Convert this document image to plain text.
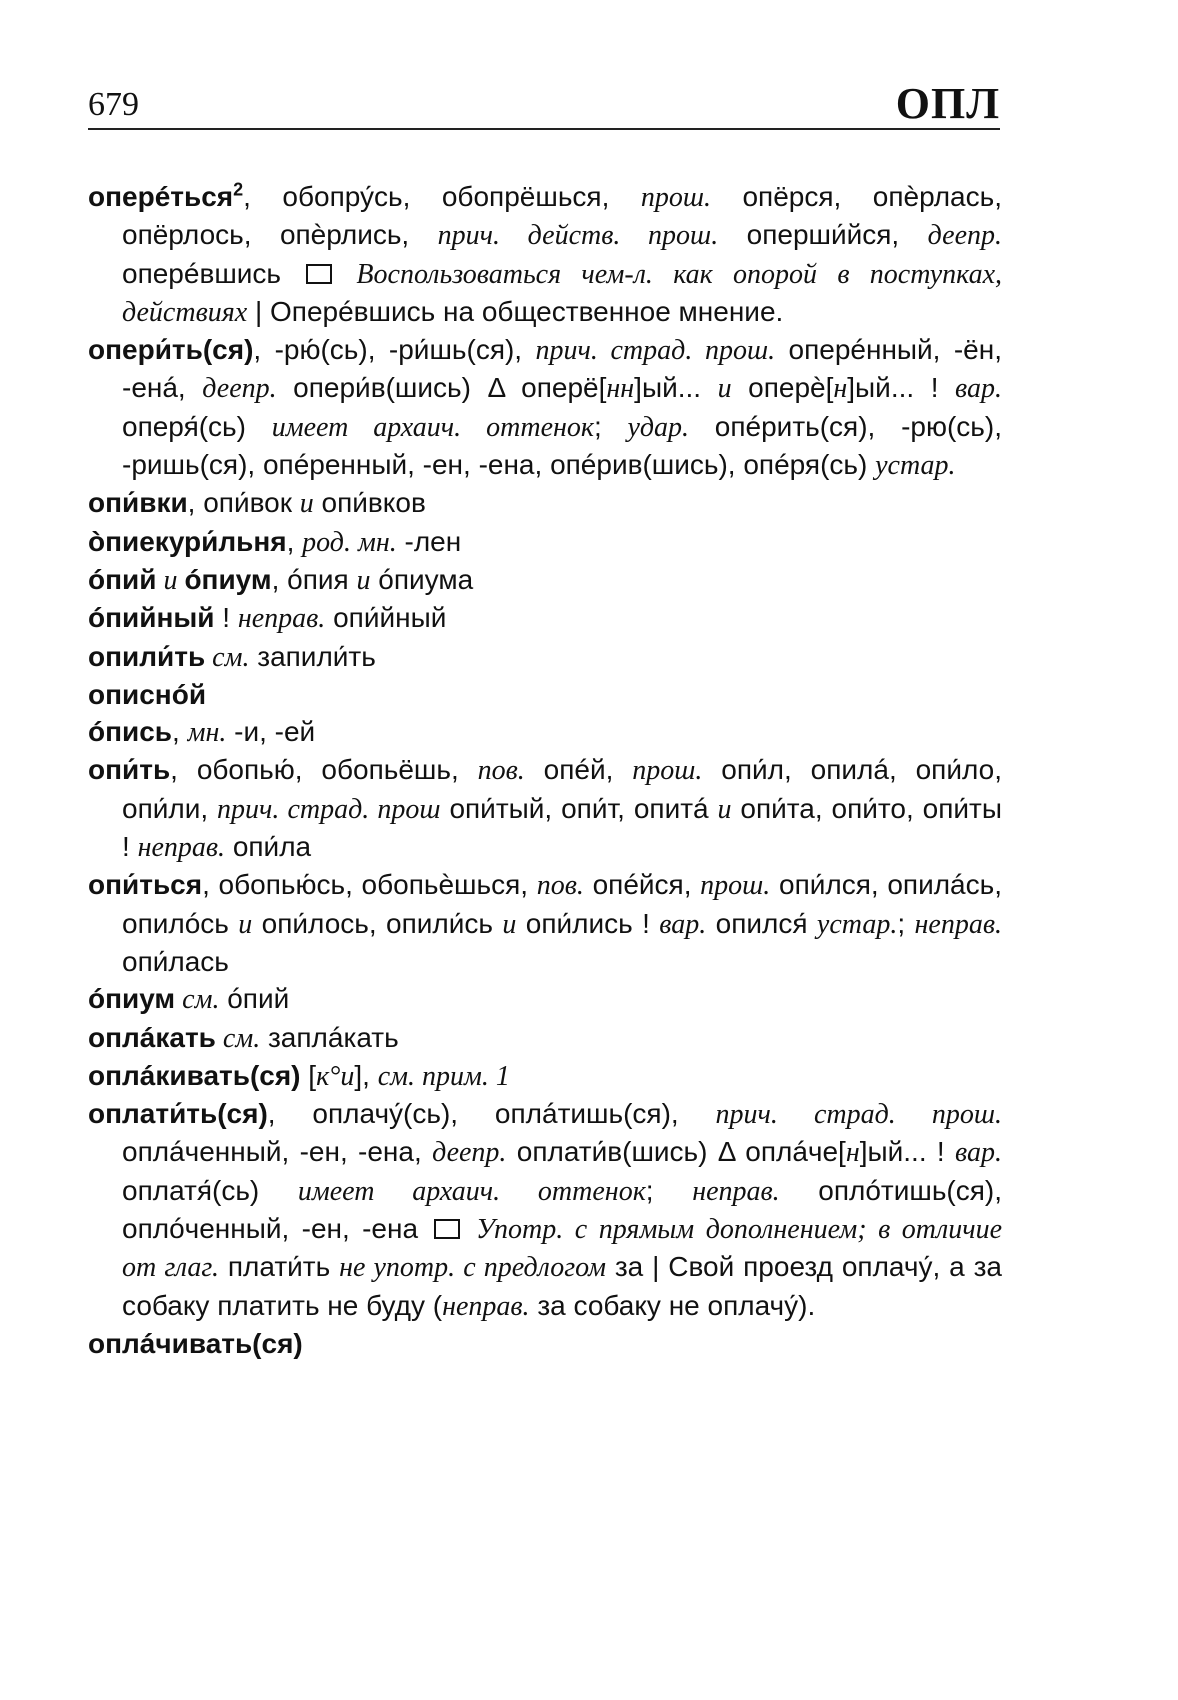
679	ОПЛ

оперéться$^2$, обопру́сь, обопрёшься, прош. опёрся, опѐрлась, опёрлось, опѐрлись, прич. действ. прош. оперши́йся, деепр. оперéвшись  Воспользоваться чем-л. как опорой в поступках, действиях | Оперéвшись на общественное мнение.

опери́ть(ся), -рю́(сь), -ри́шь(ся), прич. страд. прош. оперéнный, -ён, -енá, деепр. опери́в(шись) Δ оперё[нн]ый... и оперѐ[н]ый... ! вар. оперя́(сь) имеет архаич. оттенок; удар. опéрить(ся), -рю(сь), -ришь(ся), опéренный, -ен, -ена, опéрив(шись), опéря(сь) устар.

опи́вки, опи́вок и опи́вков

òпиекури́льня, род. мн. -лен

óпий и óпиум, óпия и óпиума

óпийный ! неправ. опи́йный

опили́ть см. запили́ть

описнóй

óпись, мн. -и, -ей

опи́ть, обопью́, обопьёшь, пов. опéй, прош. опи́л, опилá, опи́ло, опи́ли, прич. страд. прош опи́тый, опи́т, опитá и опи́та, опи́то, опи́ты ! неправ. опи́ла

опи́ться, обопью́сь, обопьѐшься, пов. опéйся, прош. опи́лся, опилáсь, опилóсь и опи́лось, опили́сь и опи́лись ! вар. опился́ устар.; неправ. опи́лась

óпиум см. óпий

оплáкать см. заплáкать

оплáкивать(ся) [к°и], см. прим. 1

оплати́ть(ся), оплачу́(сь), оплáтишь(ся), прич. страд. прош. оплáченный, -ен, -ена, деепр. оплати́в(шись) Δ оплáче[н]ый... ! вар. оплатя́(сь) имеет архаич. оттенок; неправ. оплóтишь(ся), оплóченный, -ен, -ена  Употр. с прямым дополнением; в отличие от глаг. плати́ть не употр. с предлогом за | Свой проезд оплачу́, а за собаку платить не буду (неправ. за собаку не оплачу́).

оплáчивать(ся)
